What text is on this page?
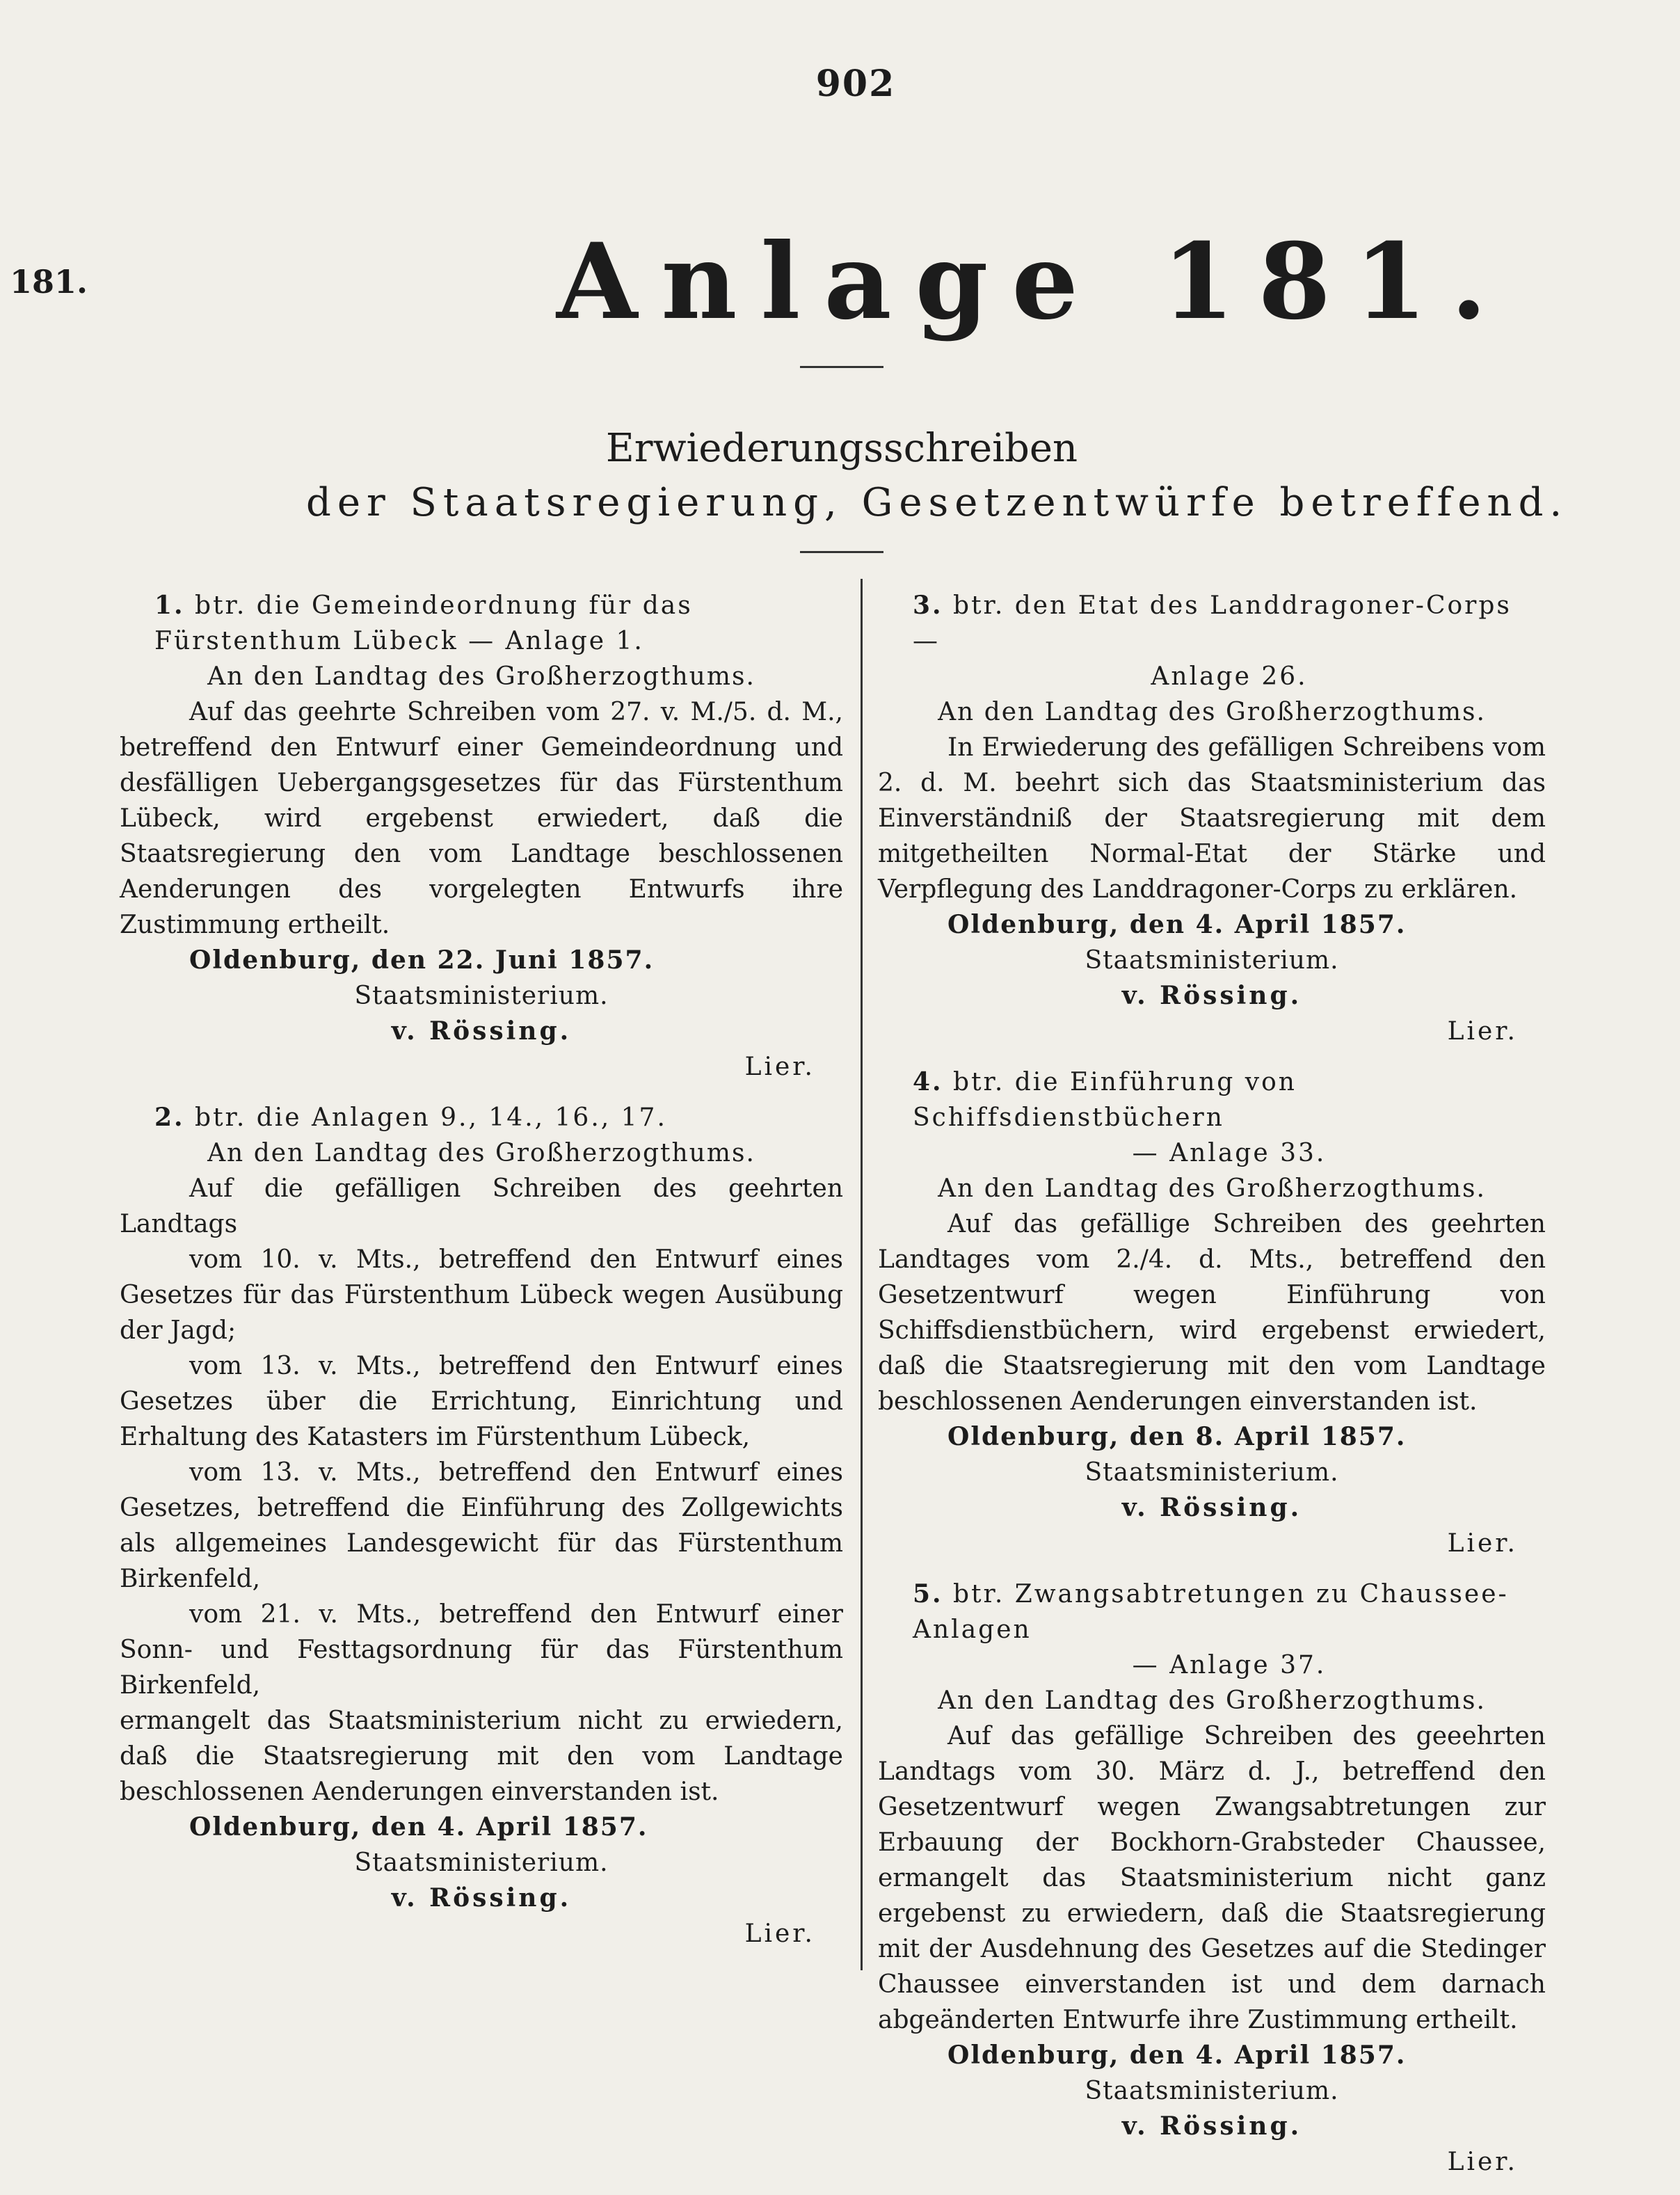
902
181.	Anlage 181.
Erwiederungsschreiben
der Staatsregierung, Gesetzentwürfe betreffend.
1. btr. die Gemeindeordnung für das Fürstenthum Lübeck — Anlage 1.
An den Landtag des Großherzogthums.
Auf das geehrte Schreiben vom 27. v. M./5. d. M., betreffend den Entwurf einer Gemeindeordnung und desfälligen Uebergangsgesetzes für das Fürstenthum Lübeck, wird ergebenst erwiedert, daß die Staatsregierung den vom Landtage beschlossenen Aenderungen des vorgelegten Entwurfs ihre Zustimmung ertheilt.
Oldenburg, den 22. Juni 1857.
Staatsministerium.
v. Rössing.
Lier.
2. btr. die Anlagen 9., 14., 16., 17.
An den Landtag des Großherzogthums.
Auf die gefälligen Schreiben des geehrten Landtags
vom 10. v. Mts., betreffend den Entwurf eines Gesetzes für das Fürstenthum Lübeck wegen Ausübung der Jagd;
vom 13. v. Mts., betreffend den Entwurf eines Gesetzes über die Errichtung, Einrichtung und Erhaltung des Katasters im Fürstenthum Lübeck,
vom 13. v. Mts., betreffend den Entwurf eines Gesetzes, betreffend die Einführung des Zollgewichts als allgemeines Landesgewicht für das Fürstenthum Birkenfeld,
vom 21. v. Mts., betreffend den Entwurf einer Sonn- und Festtagsordnung für das Fürstenthum Birkenfeld,
ermangelt das Staatsministerium nicht zu erwiedern, daß die Staatsregierung mit den vom Landtage beschlossenen Aenderungen einverstanden ist.
Oldenburg, den 4. April 1857.
Staatsministerium.
v. Rössing.
Lier.
3. btr. den Etat des Landdragoner-Corps —
Anlage 26.
An den Landtag des Großherzogthums.
In Erwiederung des gefälligen Schreibens vom 2. d. M. beehrt sich das Staatsministerium das Einverständniß der Staatsregierung mit dem mitgetheilten Normal-Etat der Stärke und Verpflegung des Landdragoner-Corps zu erklären.
Oldenburg, den 4. April 1857.
Staatsministerium.
v. Rössing.
Lier.
4. btr. die Einführung von Schiffsdienstbüchern
— Anlage 33.
An den Landtag des Großherzogthums.
Auf das gefällige Schreiben des geehrten Landtages vom 2./4. d. Mts., betreffend den Gesetzentwurf wegen Einführung von Schiffsdienstbüchern, wird ergebenst erwiedert, daß die Staatsregierung mit den vom Landtage beschlossenen Aenderungen einverstanden ist.
Oldenburg, den 8. April 1857.
Staatsministerium.
v. Rössing.
Lier.
5. btr. Zwangsabtretungen zu Chaussee-Anlagen
— Anlage 37.
An den Landtag des Großherzogthums.
Auf das gefällige Schreiben des geeehrten Landtags vom 30. März d. J., betreffend den Gesetzentwurf wegen Zwangsabtretungen zur Erbauung der Bockhorn-Grabsteder Chaussee, ermangelt das Staatsministerium nicht ganz ergebenst zu erwiedern, daß die Staatsregierung mit der Ausdehnung des Gesetzes auf die Stedinger Chaussee einverstanden ist und dem darnach abgeänderten Entwurfe ihre Zustimmung ertheilt.
Oldenburg, den 4. April 1857.
Staatsministerium.
v. Rössing.
Lier.
